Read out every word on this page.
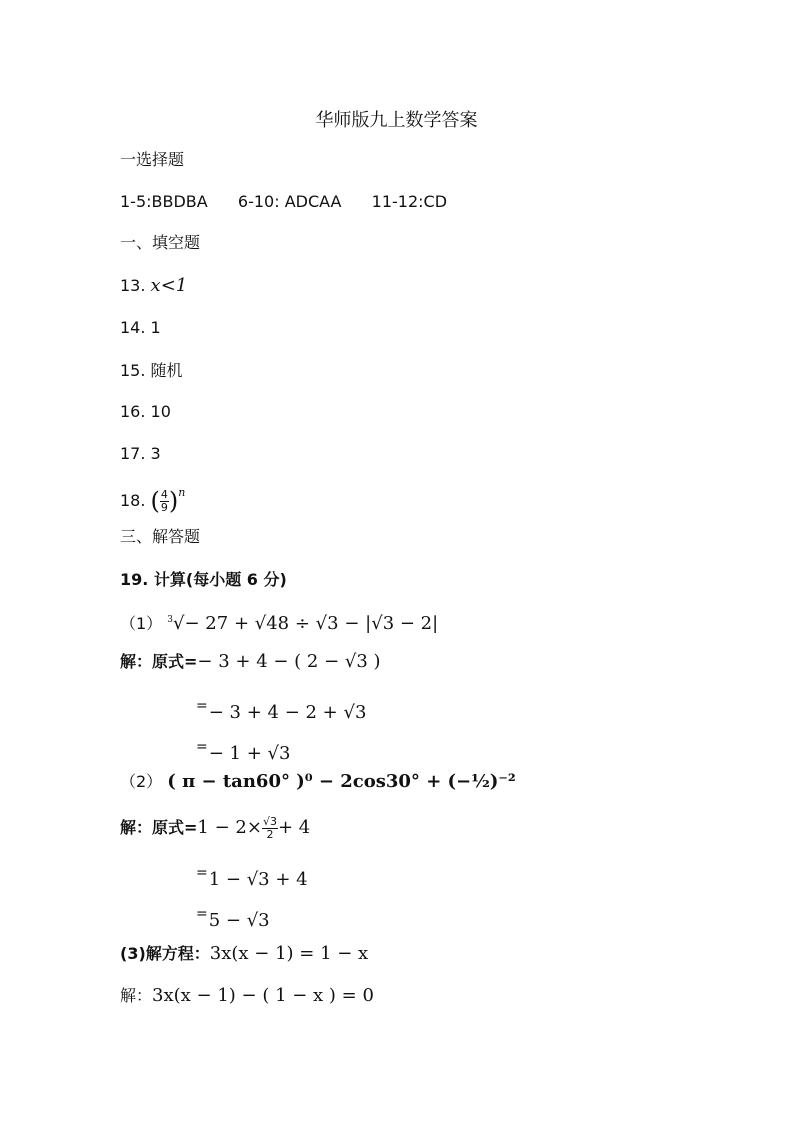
华师版九上数学答案
一选择题
1-5:BBDBA 6-10: ADCAA 11-12:CD
一、填空题
13. x<1
14. 1
15. 随机
16. 10
17. 3
18. ( $\frac{4}{9} )^n$
三、解答题
19. 计算(每小题 6 分)
（1） $^3$√− 27 + √48 ÷ √3 − |√3 − 2|
解：原式=− 3 + 4 − ( 2 − √3 )
=− 3 + 4 − 2 + √3
=− 1 + √3
（2） ( π − tan60° )⁰ − 2cos30° + (−½)⁻²
解：原式$=1 - 2\times \frac{√3}{2} + 4$
=1 − √3 + 4
=5 − √3
(3)解方程：3x(x − 1) = 1 − x
解：3x(x − 1) − ( 1 − x ) = 0
